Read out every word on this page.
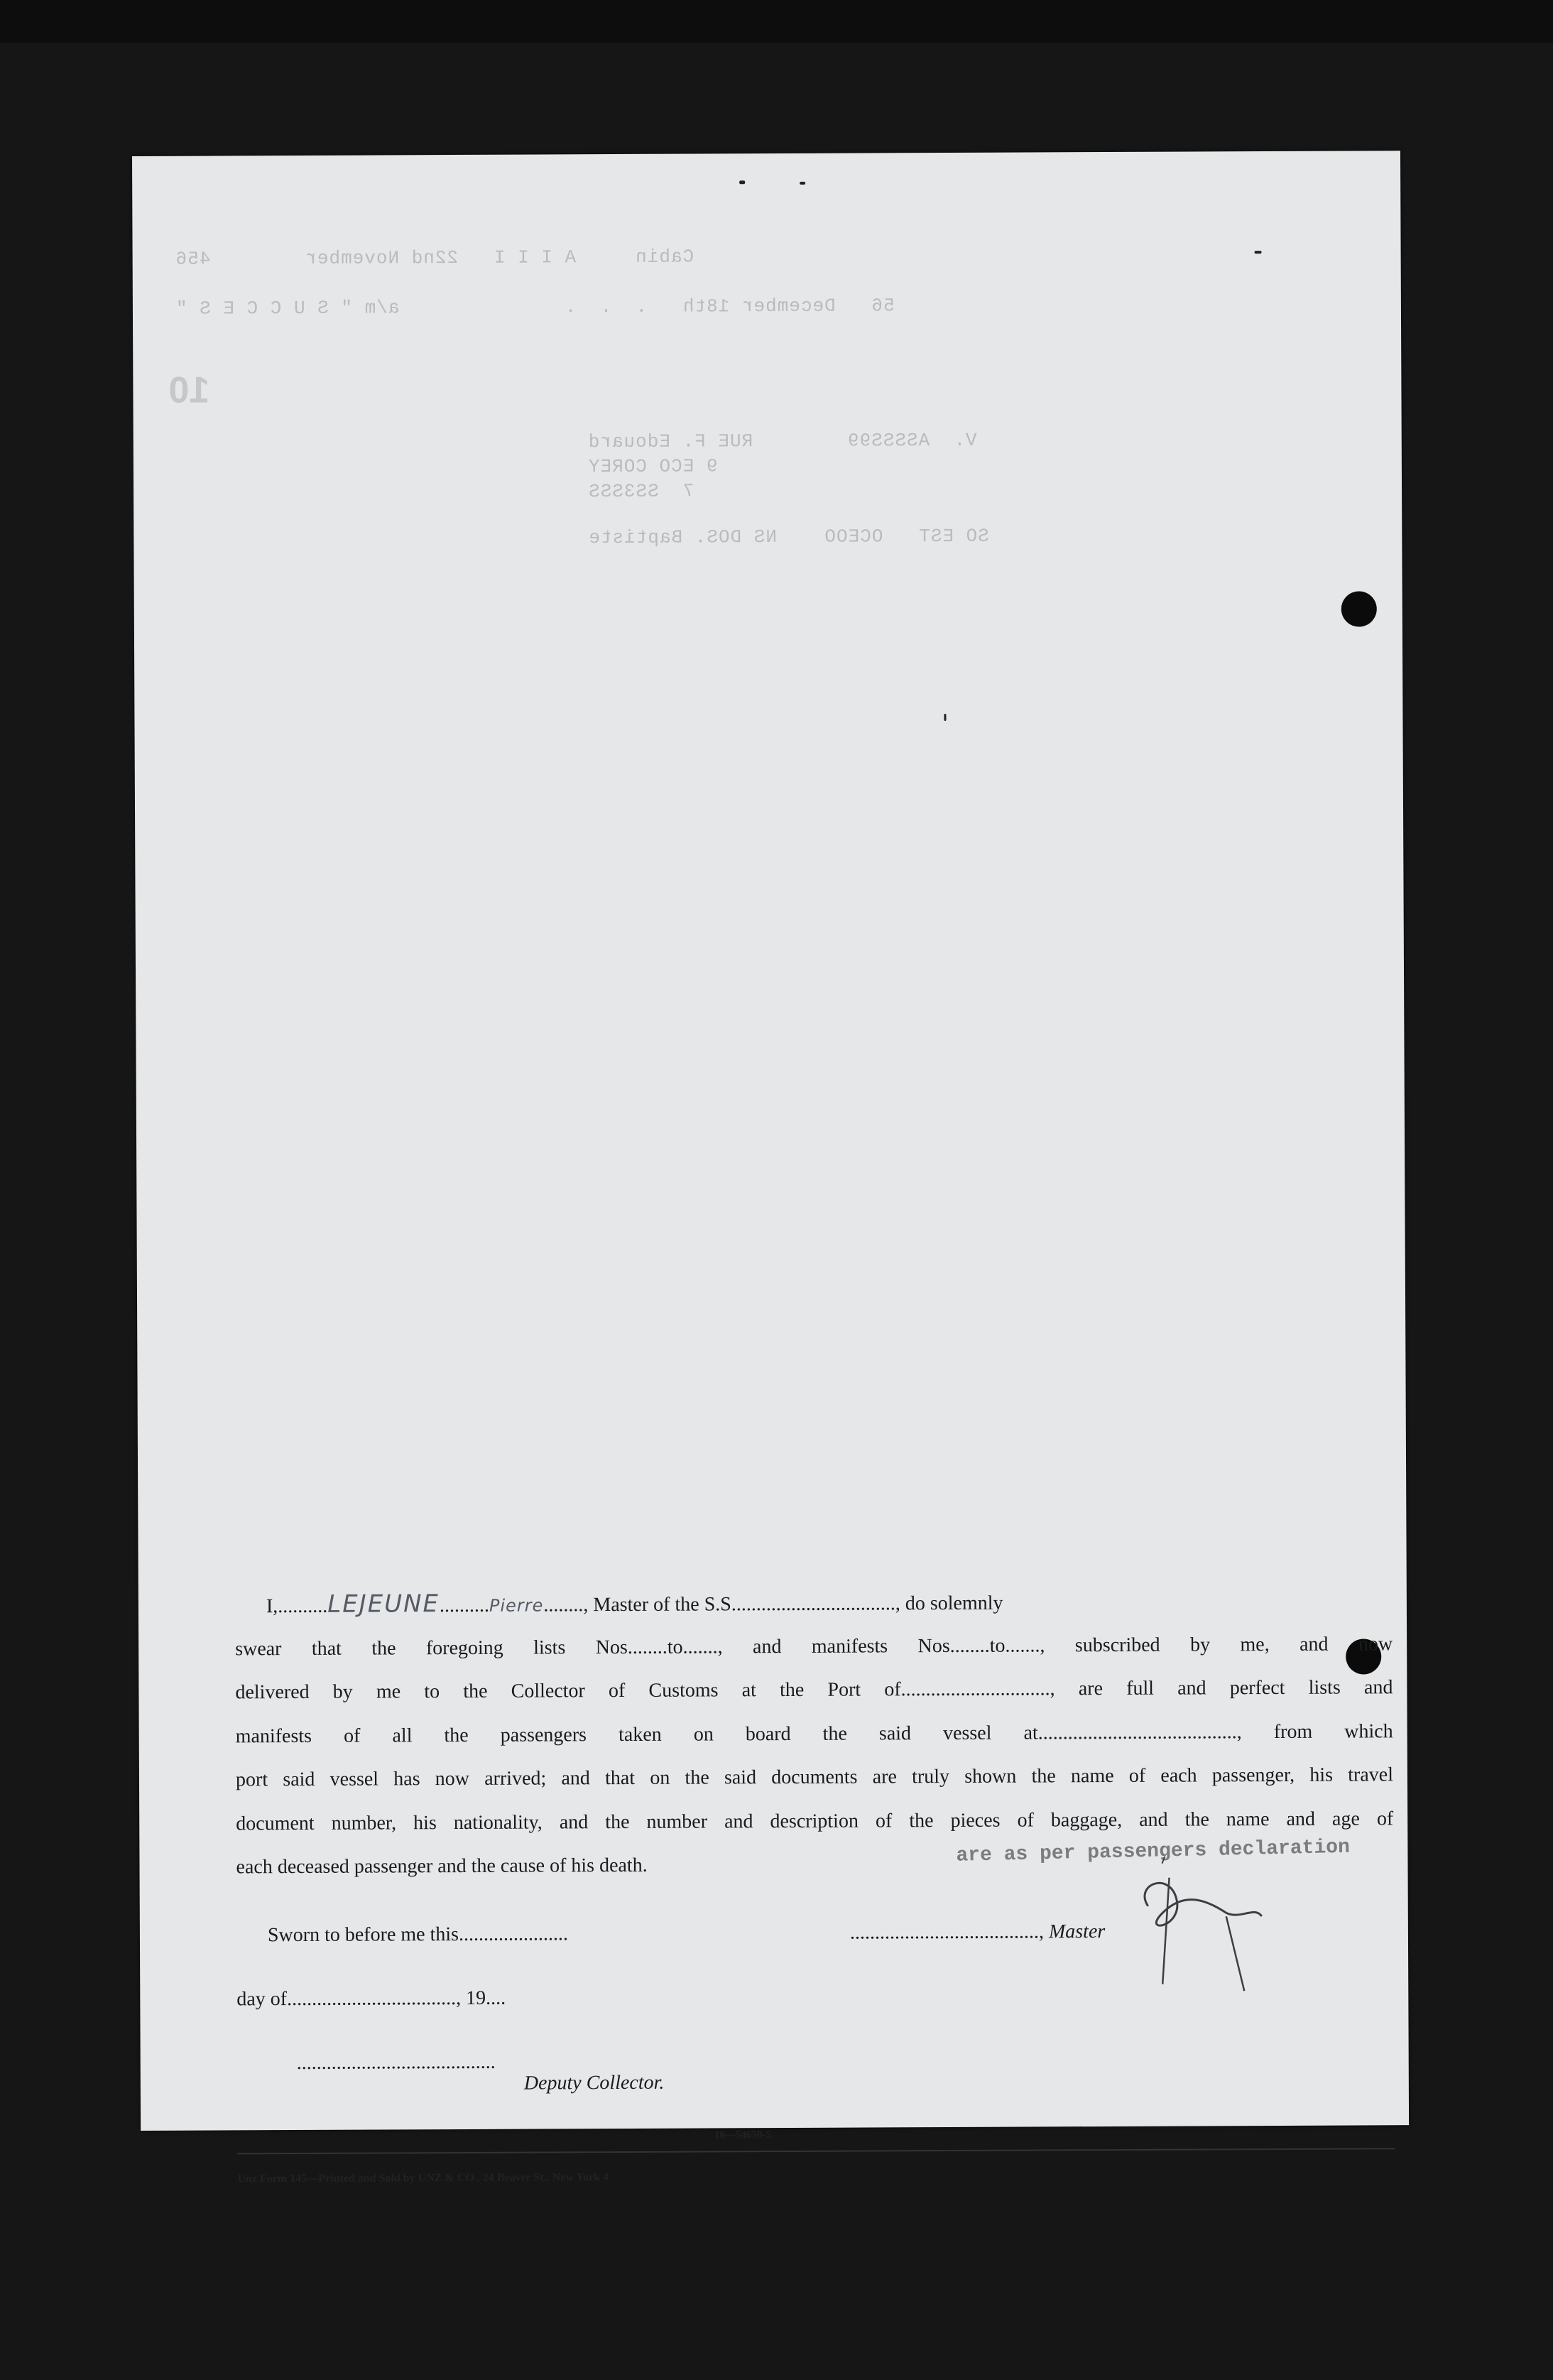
Cabin     A I I I   22nd November        456
56   December 18th   .  .  .              a/m " S U C C E S "
V.  ASSSS99        RUE F. Edouard
9 ECO COREY
7  SS3SSS
SO EST   OCEOO    NS DOS. Baptiste
10
I,..........LEJEUNE..........Pierre........, Master of the S.S................................., do solemnly
swear that the foregoing lists Nos........to......., and manifests Nos........to......., subscribed by me, and now
delivered by me to the Collector of Customs at the Port of.............................., are full and perfect lists and
manifests of all the passengers taken on board the said vessel at........................................, from which
port said vessel has now arrived; and that on the said documents are truly shown the name of each passenger, his travel
document number, his nationality, and the number and description of the pieces of baggage, and the name and age of
each deceased passenger and the cause of his death.	are as per passengers declaration
Sworn to before me this......................
day of.................................., 19....
......................................, Master
........................................
Deputy Collector.
16—54650-5
Unz Form 145—Printed and Sold by UNZ & CO., 24 Beaver St., New York 4
